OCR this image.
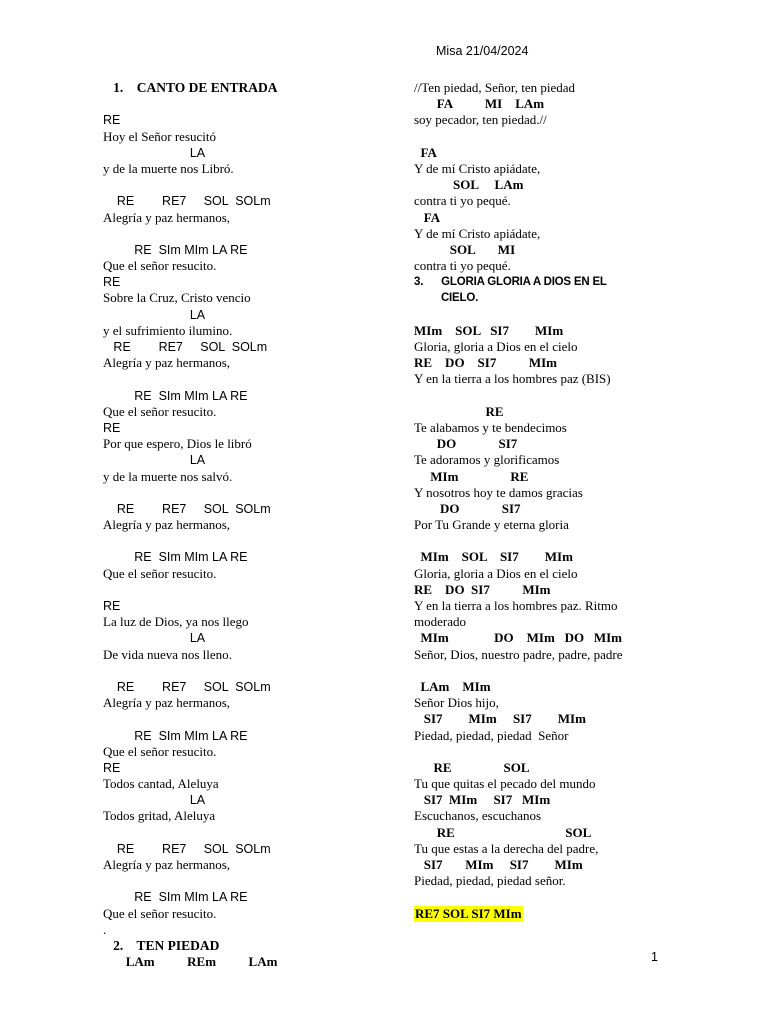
Misa 21/04/2024
1.    CANTO DE ENTRADA
RE
Hoy el Señor resucitó
LA
y de la muerte nos Libró.
RE        RE7     SOL  SOLm
Alegría y paz hermanos,
RE  SIm MIm LA RE
Que el señor resucito.
RE
Sobre la Cruz, Cristo vencio
LA
y el sufrimiento ilumino.
RE        RE7     SOL  SOLm
Alegría y paz hermanos,
RE  SIm MIm LA RE
Que el señor resucito.
RE
Por que espero, Dios le libró
LA
y de la muerte nos salvó.
RE        RE7     SOL  SOLm
Alegría y paz hermanos,
RE  SIm MIm LA RE
Que el señor resucito.
RE
La luz de Dios, ya nos llego
LA
De vida nueva nos lleno.
RE        RE7     SOL  SOLm
Alegría y paz hermanos,
RE  SIm MIm LA RE
Que el señor resucito.
RE
Todos cantad, Aleluya
LA
Todos gritad, Aleluya
RE        RE7     SOL  SOLm
Alegría y paz hermanos,
RE  SIm MIm LA RE
Que el señor resucito.
.
2.    TEN PIEDAD
LAm          REm          LAm
//Ten piedad, Señor, ten piedad
FA          MI    LAm
soy pecador, ten piedad.//
FA
Y de mí Cristo apiádate,
SOL     LAm
contra ti yo pequé.
FA
Y de mí Cristo apiádate,
SOL       MI
contra ti yo pequé.
3.      GLORIA GLORIA A DIOS EN EL
CIELO.
MIm    SOL   SI7        MIm
Gloria, gloria a Dios en el cielo
RE    DO    SI7          MIm
Y en la tierra a los hombres paz (BIS)
RE
Te alabamos y te bendecimos
DO             SI7
Te adoramos y glorificamos
MIm                RE
Y nosotros hoy te damos gracias
DO             SI7
Por Tu Grande y eterna gloria
MIm    SOL    SI7        MIm
Gloria, gloria a Dios en el cielo
RE    DO  SI7          MIm
Y en la tierra a los hombres paz. Ritmo
moderado
MIm              DO    MIm   DO   MIm
Señor, Dios, nuestro padre, padre, padre
LAm    MIm
Señor Dios hijo,
SI7        MIm     SI7        MIm
Piedad, piedad, piedad  Señor
RE                SOL
Tu que quitas el pecado del mundo
SI7  MIm     SI7   MIm
Escuchanos, escuchanos
RE                                  SOL
Tu que estas a la derecha del padre,
SI7       MIm     SI7        MIm
Piedad, piedad, piedad señor.
RE7 SOL SI7 MIm
1
